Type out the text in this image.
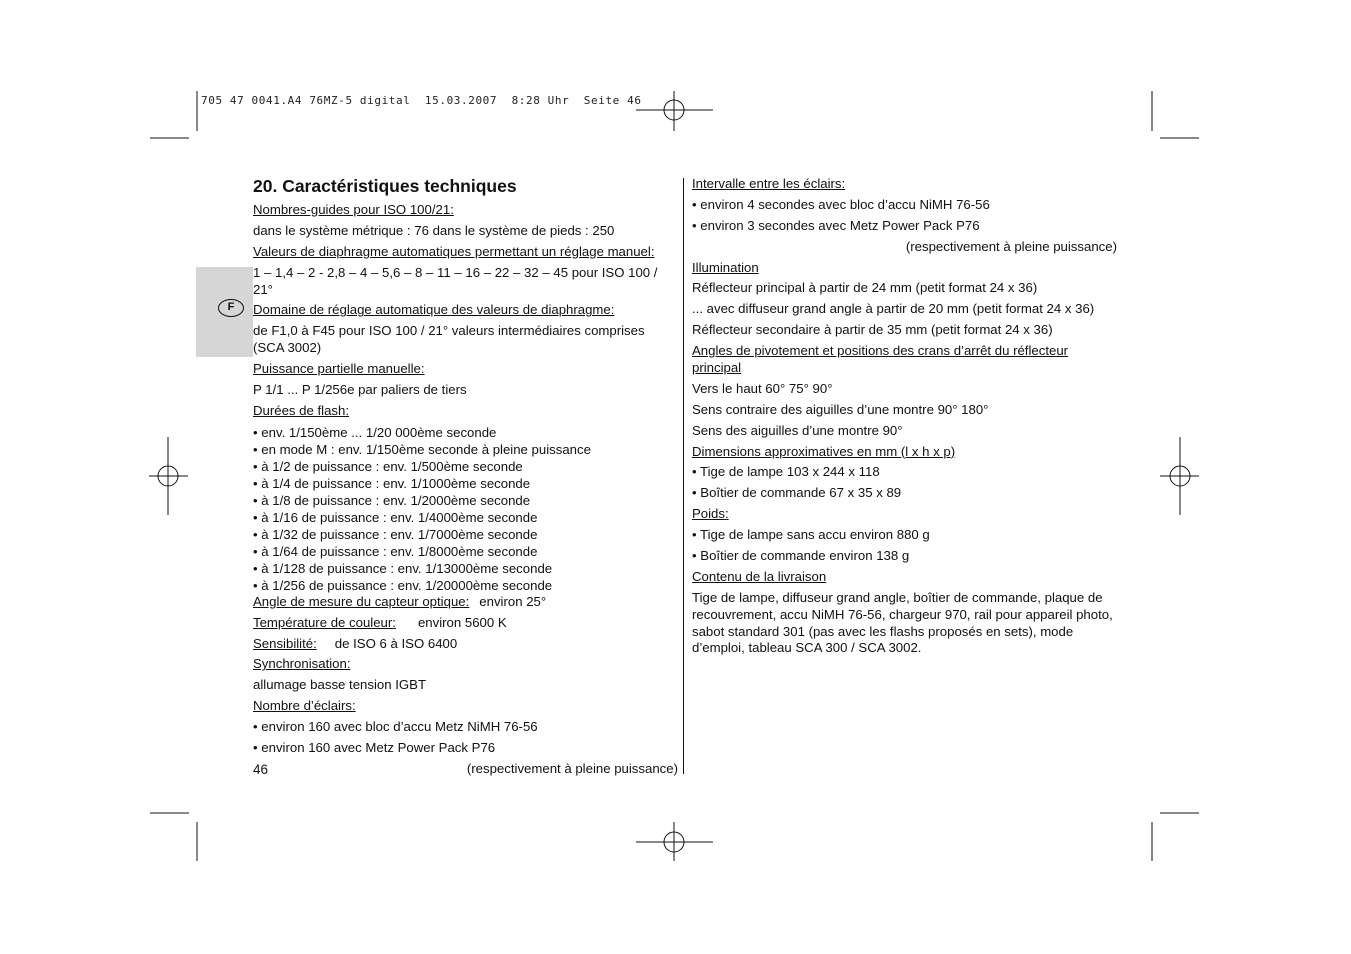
705 47 0041.A4 76MZ-5 digital  15.03.2007  8:28 Uhr  Seite 46
F
20. Caractéristiques techniques
Nombres-guides pour ISO 100/21:
dans le système métrique : 76 dans le système de pieds : 250
Valeurs de diaphragme automatiques permettant un réglage manuel:
1 – 1,4 – 2 - 2,8 – 4 – 5,6 – 8 – 11 – 16 – 22 – 32 – 45 pour ISO 100 / 21°
Domaine de réglage automatique des valeurs de diaphragme:
de F1,0 à F45 pour ISO 100 / 21° valeurs intermédiaires comprises (SCA 3002)
Puissance partielle manuelle:
P 1/1 ... P 1/256e par paliers de tiers
Durées de flash:
• env. 1/150ème ... 1/20 000ème seconde
• en mode M : env. 1/150ème seconde à pleine puissance
• à 1/2 de puissance : env. 1/500ème seconde
• à 1/4 de puissance : env. 1/1000ème seconde
• à 1/8 de puissance : env. 1/2000ème seconde
• à 1/16 de puissance : env. 1/4000ème seconde
• à 1/32 de puissance : env. 1/7000ème seconde
• à 1/64 de puissance : env. 1/8000ème seconde
• à 1/128 de puissance : env. 1/13000ème seconde
• à 1/256 de puissance : env. 1/20000ème seconde
Angle de mesure du capteur optique: environ 25°
Température de couleur: environ 5600 K
Sensibilité: de ISO 6 à ISO 6400
Synchronisation:
allumage basse tension IGBT
Nombre d’éclairs:
• environ 160 avec bloc d’accu Metz NiMH 76-56
• environ 160 avec Metz Power Pack P76
(respectivement à pleine puissance)
46
Intervalle entre les éclairs:
• environ 4 secondes avec bloc d’accu NiMH 76-56
• environ 3 secondes avec Metz Power Pack P76
(respectivement à pleine puissance)
Illumination
Réflecteur principal à partir de 24 mm (petit format 24 x 36)
... avec diffuseur grand angle à partir de 20 mm (petit format 24 x 36)
Réflecteur secondaire à partir de 35 mm (petit format 24 x 36)
Angles de pivotement et positions des crans d’arrêt du réflecteur principal
Vers le haut 60° 75° 90°
Sens contraire des aiguilles d’une montre 90° 180°
Sens des aiguilles d’une montre 90°
Dimensions approximatives en mm (l x h x p)
• Tige de lampe 103 x 244 x 118
• Boîtier de commande 67 x 35 x 89
Poids:
• Tige de lampe sans accu environ 880 g
• Boîtier de commande environ 138 g
Contenu de la livraison
Tige de lampe, diffuseur grand angle, boîtier de commande, plaque de recouvrement, accu NiMH 76-56, chargeur 970, rail pour appareil photo, sabot standard 301 (pas avec les flashs proposés en sets), mode d’emploi, tableau SCA 300 / SCA 3002.
